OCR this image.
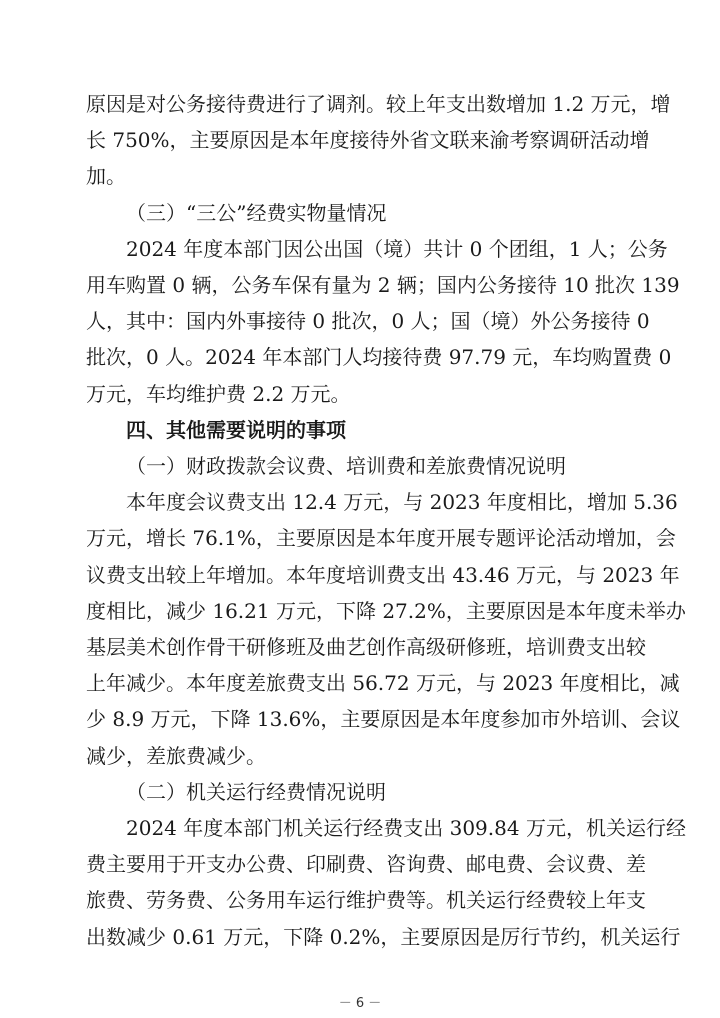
原因是对公务接待费进行了调剂。较上年支出数增加 1.2 万元，增
长 750%，主要原因是本年度接待外省文联来渝考察调研活动增
加。
（三）“三公”经费实物量情况
2024 年度本部门因公出国（境）共计 0 个团组，1 人；公务
用车购置 0 辆，公务车保有量为 2 辆；国内公务接待 10 批次 139
人，其中：国内外事接待 0 批次，0 人；国（境）外公务接待 0
批次，0 人。2024 年本部门人均接待费 97.79 元，车均购置费 0
万元，车均维护费 2.2 万元。
四、其他需要说明的事项
（一）财政拨款会议费、培训费和差旅费情况说明
本年度会议费支出 12.4 万元，与 2023 年度相比，增加 5.36
万元，增长 76.1%，主要原因是本年度开展专题评论活动增加，会
议费支出较上年增加。本年度培训费支出 43.46 万元，与 2023 年
度相比，减少 16.21 万元，下降 27.2%，主要原因是本年度未举办
基层美术创作骨干研修班及曲艺创作高级研修班，培训费支出较
上年减少。本年度差旅费支出 56.72 万元，与 2023 年度相比，减
少 8.9 万元，下降 13.6%，主要原因是本年度参加市外培训、会议
减少，差旅费减少。
（二）机关运行经费情况说明
2024 年度本部门机关运行经费支出 309.84 万元，机关运行经
费主要用于开支办公费、印刷费、咨询费、邮电费、会议费、差
旅费、劳务费、公务用车运行维护费等。机关运行经费较上年支
出数减少 0.61 万元，下降 0.2%，主要原因是厉行节约，机关运行
－ 6 －
